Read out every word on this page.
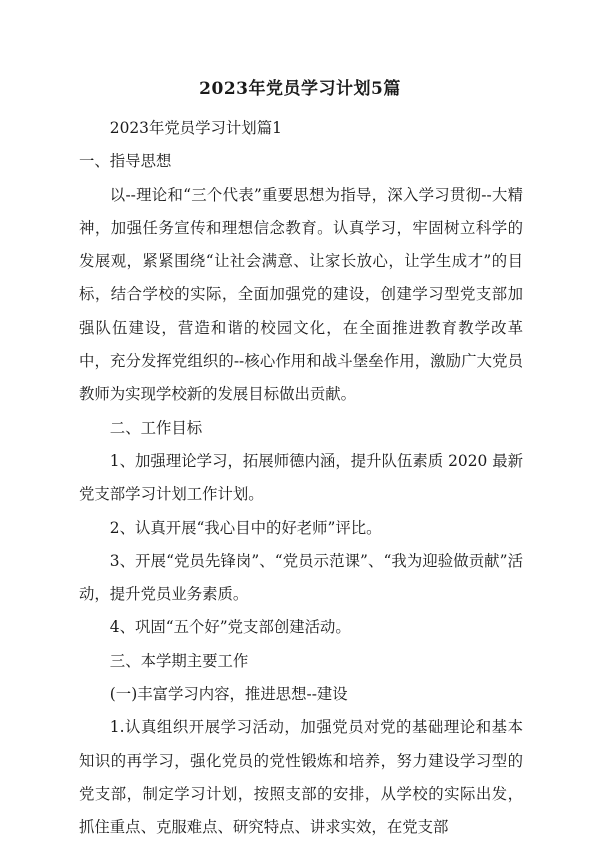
2023年党员学习计划5篇

2023年党员学习计划篇1

一、指导思想

以--理论和“三个代表”重要思想为指导，深入学习贯彻--大精神，加强任务宣传和理想信念教育。认真学习，牢固树立科学的发展观，紧紧围绕“让社会满意、让家长放心，让学生成才”的目标，结合学校的实际，全面加强党的建设，创建学习型党支部加强队伍建设，营造和谐的校园文化，在全面推进教育教学改革中，充分发挥党组织的--核心作用和战斗堡垒作用，激励广大党员教师为实现学校新的发展目标做出贡献。

二、工作目标

1、加强理论学习，拓展师德内涵，提升队伍素质 2020 最新党支部学习计划工作计划。

2、认真开展“我心目中的好老师”评比。

3、开展“党员先锋岗”、“党员示范课”、“我为迎验做贡献”活动，提升党员业务素质。

4、巩固“五个好”党支部创建活动。

三、本学期主要工作

(一)丰富学习内容，推进思想--建设

1.认真组织开展学习活动，加强党员对党的基础理论和基本知识的再学习，强化党员的党性锻炼和培养，努力建设学习型的党支部，制定学习计划，按照支部的安排，从学校的实际出发，抓住重点、克服难点、研究特点、讲求实效，在党支部
